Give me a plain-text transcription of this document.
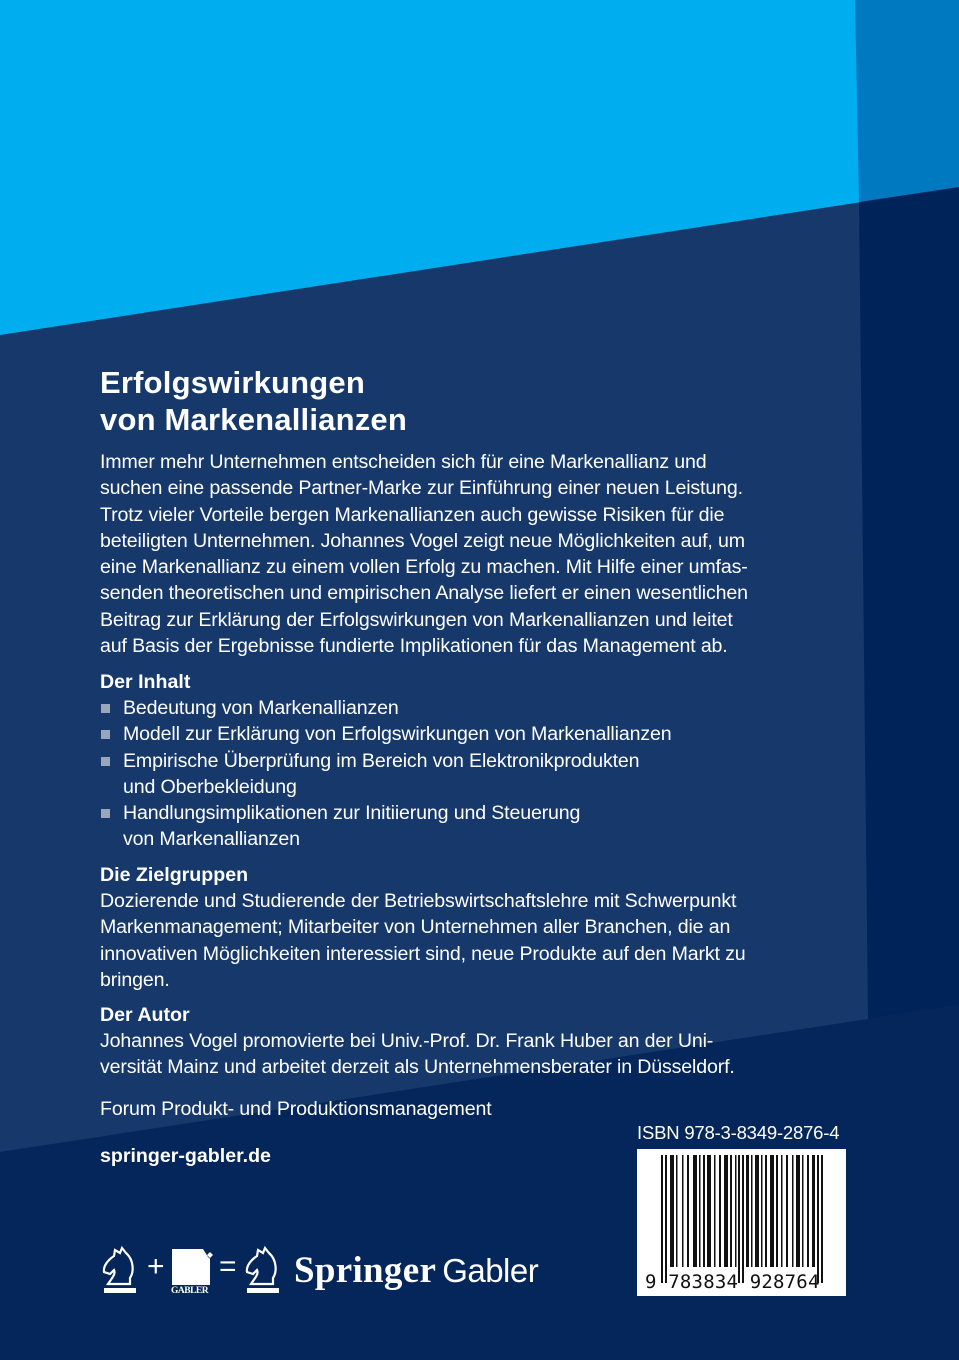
Erfolgswirkungen
von Markenallianzen

Immer mehr Unternehmen entscheiden sich für eine Markenallianz und
suchen eine passende Partner-Marke zur Einführung einer neuen Leistung.
Trotz vieler Vorteile bergen Markenallianzen auch gewisse Risiken für die
beteiligten Unternehmen. Johannes Vogel zeigt neue Möglichkeiten auf, um
eine Markenallianz zu einem vollen Erfolg zu machen. Mit Hilfe einer umfas-
senden theoretischen und empirischen Analyse liefert er einen wesentlichen
Beitrag zur Erklärung der Erfolgswirkungen von Markenallianzen und leitet
auf Basis der Ergebnisse fundierte Implikationen für das Management ab.

Der Inhalt
Bedeutung von Markenallianzen
Modell zur Erklärung von Erfolgswirkungen von Markenallianzen
Empirische Überprüfung im Bereich von Elektronikprodukten
und Oberbekleidung
Handlungsimplikationen zur Initiierung und Steuerung
von Markenallianzen
Die Zielgruppen

Dozierende und Studierende der Betriebswirtschaftslehre mit Schwerpunkt
Markenmanagement; Mitarbeiter von Unternehmen aller Branchen, die an
innovativen Möglichkeiten interessiert sind, neue Produkte auf den Markt zu
bringen.

Der Autor

Johannes Vogel promovierte bei Univ.-Prof. Dr. Frank Huber an der Uni-
versität Mainz und arbeitet derzeit als Unternehmensberater in Düsseldorf.

Forum Produkt- und Produktionsmanagement
springer-gabler.de
ISBN 978-3-8349-2876-4
9 783834 928764
+
GABLER
= Springer Gabler
